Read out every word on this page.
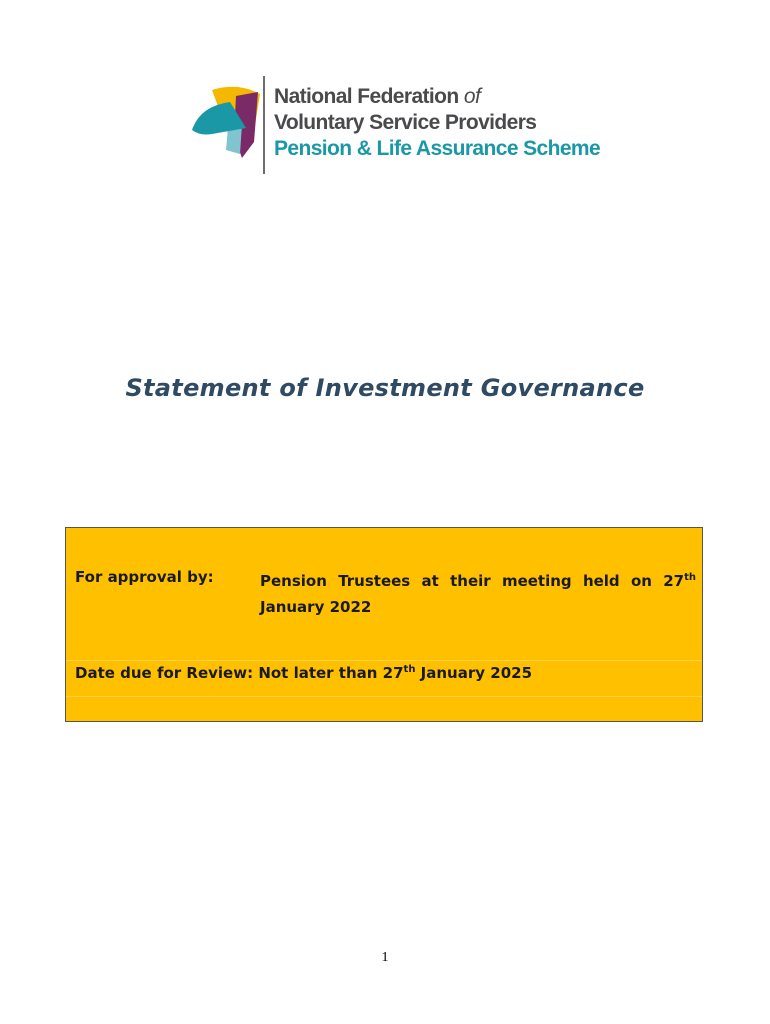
National Federation of
Voluntary Service Providers
Pension & Life Assurance Scheme
Statement of Investment Governance
For approval by:	Pension Trustees at their meeting held on 27th
January 2022
Date due for Review: Not later than 27th January 2025
1
